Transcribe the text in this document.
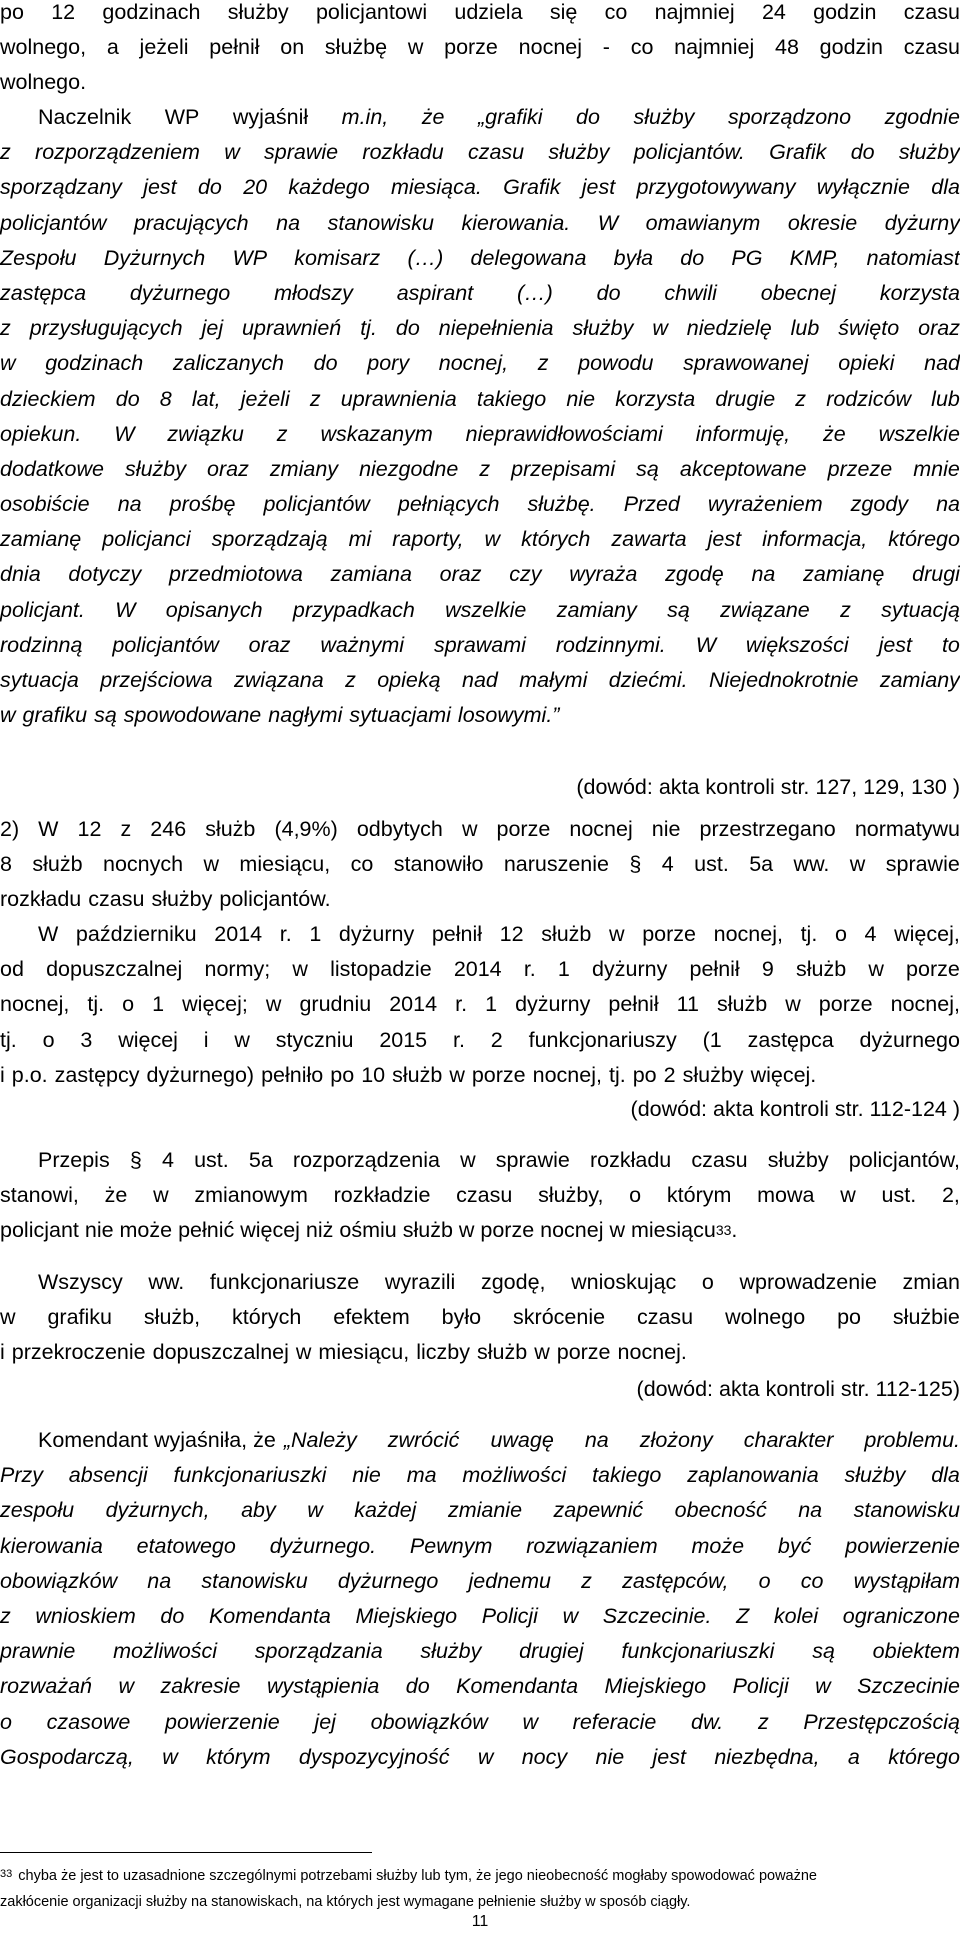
po 12 godzinach służby policjantowi udziela się co najmniej 24 godzin czasu
wolnego, a jeżeli pełnił on służbę w porze nocnej - co najmniej 48 godzin czasu
wolnego.
Naczelnik WP wyjaśnił m.in, że „grafiki do służby sporządzono zgodnie
z rozporządzeniem w sprawie rozkładu czasu służby policjantów. Grafik do służby
sporządzany jest do 20 każdego miesiąca. Grafik jest przygotowywany wyłącznie dla
policjantów pracujących na stanowisku kierowania. W omawianym okresie dyżurny
Zespołu Dyżurnych WP komisarz (…) delegowana była do PG KMP, natomiast
zastępca dyżurnego młodszy aspirant (…) do chwili obecnej korzysta
z przysługujących jej uprawnień tj. do niepełnienia służby w niedzielę lub święto oraz
w godzinach zaliczanych do pory nocnej, z powodu sprawowanej opieki nad
dzieckiem do 8 lat, jeżeli z uprawnienia takiego nie korzysta drugie z rodziców lub
opiekun. W związku z wskazanym nieprawidłowościami informuję, że wszelkie
dodatkowe służby oraz zmiany niezgodne z przepisami są akceptowane przeze mnie
osobiście na prośbę policjantów pełniących służbę. Przed wyrażeniem zgody na
zamianę policjanci sporządzają mi raporty, w których zawarta jest informacja, którego
dnia dotyczy przedmiotowa zamiana oraz czy wyraża zgodę na zamianę drugi
policjant. W opisanych przypadkach wszelkie zamiany są związane z sytuacją
rodzinną policjantów oraz ważnymi sprawami rodzinnymi. W większości jest to
sytuacja przejściowa związana z opieką nad małymi dziećmi. Niejednokrotnie zamiany
w grafiku są spowodowane nagłymi sytuacjami losowymi.”
(dowód: akta kontroli str. 127, 129, 130 )
2) W 12 z 246 służb (4,9%) odbytych w porze nocnej nie przestrzegano normatywu
8 służb nocnych w miesiącu, co stanowiło naruszenie § 4 ust. 5a ww. w sprawie
rozkładu czasu służby policjantów.
W październiku 2014 r. 1 dyżurny pełnił 12 służb w porze nocnej, tj. o 4 więcej,
od dopuszczalnej normy; w listopadzie 2014 r. 1 dyżurny pełnił 9 służb w porze
nocnej, tj. o 1 więcej; w grudniu 2014 r. 1 dyżurny pełnił 11 służb w porze nocnej,
tj. o 3 więcej i w styczniu 2015 r. 2 funkcjonariuszy (1 zastępca dyżurnego
i p.o. zastępcy dyżurnego) pełniło po 10 służb w porze nocnej, tj. po 2 służby więcej.
(dowód: akta kontroli str. 112-124 )
Przepis § 4 ust. 5a rozporządzenia w sprawie rozkładu czasu służby policjantów,
stanowi, że w zmianowym rozkładzie czasu służby, o którym mowa w ust. 2,
policjant nie może pełnić więcej niż ośmiu służb w porze nocnej w miesiącu 33 .
Wszyscy ww. funkcjonariusze wyrazili zgodę, wnioskując o wprowadzenie zmian
w grafiku służb, których efektem było skrócenie czasu wolnego po służbie
i przekroczenie dopuszczalnej w miesiącu, liczby służb w porze nocnej.
(dowód: akta kontroli str. 112-125)
Komendant wyjaśniła, że „Należy zwrócić uwagę na złożony charakter problemu.
Przy absencji funkcjonariuszki nie ma możliwości takiego zaplanowania służby dla
zespołu dyżurnych, aby w każdej zmianie zapewnić obecność na stanowisku
kierowania etatowego dyżurnego. Pewnym rozwiązaniem może być powierzenie
obowiązków na stanowisku dyżurnego jednemu z zastępców, o co wystąpiłam
z wnioskiem do Komendanta Miejskiego Policji w Szczecinie. Z kolei ograniczone
prawnie możliwości sporządzania służby drugiej funkcjonariuszki są obiektem
rozważań w zakresie wystąpienia do Komendanta Miejskiego Policji w Szczecinie
o czasowe powierzenie jej obowiązków w referacie dw. z Przestępczością
Gospodarczą, w którym dyspozycyjność w nocy nie jest niezbędna, a którego
$^{33}$ chyba że jest to uzasadnione szczególnymi potrzebami służby lub tym, że jego nieobecność mogłaby spowodować poważne
zakłócenie organizacji służby na stanowiskach, na których jest wymagane pełnienie służby w sposób ciągły.
11
